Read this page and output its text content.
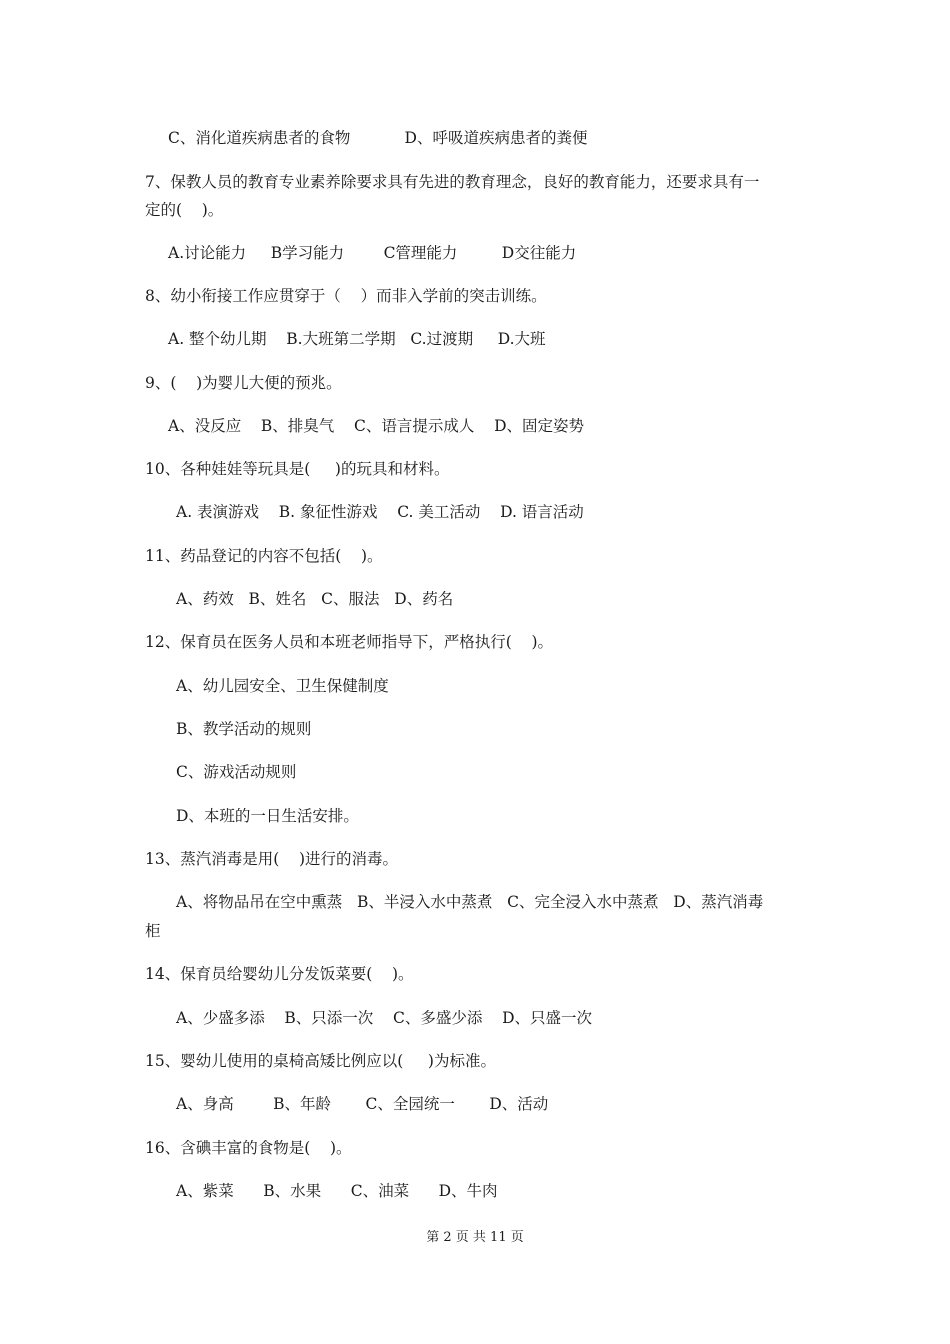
C、消化道疾病患者的食物           D、呼吸道疾病患者的粪便
7、保教人员的教育专业素养除要求具有先进的教育理念，良好的教育能力，还要求具有一
定的(    )。
A.讨论能力     B学习能力        C管理能力         D交往能力
8、幼小衔接工作应贯穿于（    ）而非入学前的突击训练。
A. 整个幼儿期    B.大班第二学期   C.过渡期     D.大班
9、(    )为婴儿大便的预兆。
A、没反应    B、排臭气    C、语言提示成人    D、固定姿势
10、各种娃娃等玩具是(     )的玩具和材料。
A. 表演游戏    B. 象征性游戏    C. 美工活动    D. 语言活动
11、药品登记的内容不包括(    )。
A、药效   B、姓名   C、服法   D、药名
12、保育员在医务人员和本班老师指导下，严格执行(    )。
A、幼儿园安全、卫生保健制度
B、教学活动的规则
C、游戏活动规则
D、本班的一日生活安排。
13、蒸汽消毒是用(    )进行的消毒。
A、将物品吊在空中熏蒸   B、半浸入水中蒸煮   C、完全浸入水中蒸煮   D、蒸汽消毒
柜
14、保育员给婴幼儿分发饭菜要(    )。
A、少盛多添    B、只添一次    C、多盛少添    D、只盛一次
15、婴幼儿使用的桌椅高矮比例应以(     )为标准。
A、身高        B、年龄       C、全园统一       D、活动
16、含碘丰富的食物是(    )。
A、紫菜      B、水果      C、油菜      D、牛肉
第 2 页 共 11 页
